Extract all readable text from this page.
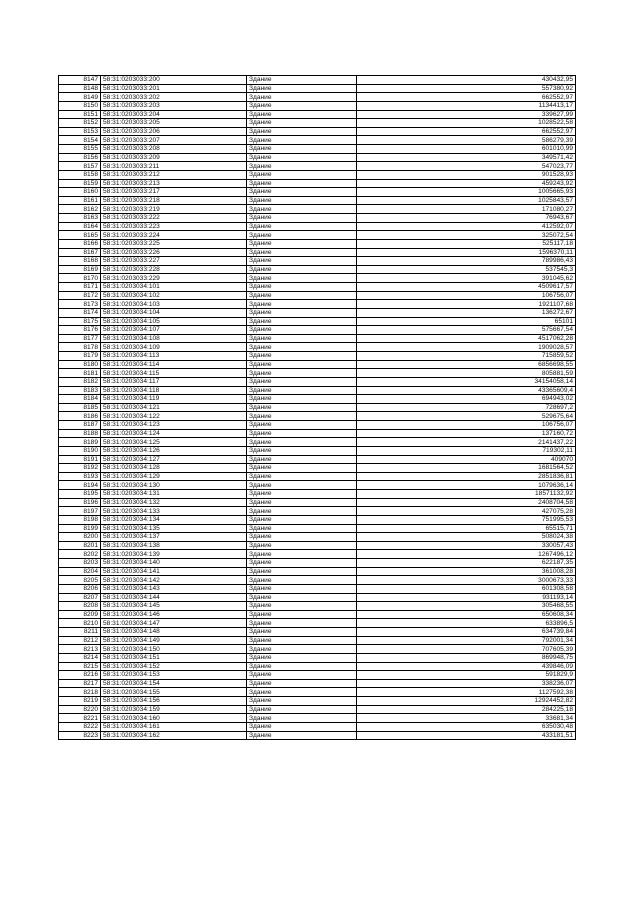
8147	58:31:0203033:200	Здание	430432,95
8148	58:31:0203033:201	Здание	557380,92
8149	58:31:0203033:202	Здание	662552,97
8150	58:31:0203033:203	Здание	1134413,17
8151	58:31:0203033:204	Здание	339627,99
8152	58:31:0203033:205	Здание	1028522,58
8153	58:31:0203033:206	Здание	662552,97
8154	58:31:0203033:207	Здание	586279,39
8155	58:31:0203033:208	Здание	601010,99
8156	58:31:0203033:209	Здание	349571,42
8157	58:31:0203033:211	Здание	547023,77
8158	58:31:0203033:212	Здание	901528,93
8159	58:31:0203033:213	Здание	459243,92
8160	58:31:0203033:217	Здание	1005665,93
8161	58:31:0203033:218	Здание	1025843,57
8162	58:31:0203033:219	Здание	171080,27
8163	58:31:0203033:222	Здание	76943,67
8164	58:31:0203033:223	Здание	412592,07
8165	58:31:0203033:224	Здание	325072,54
8166	58:31:0203033:225	Здание	525117,18
8167	58:31:0203033:226	Здание	1596370,11
8168	58:31:0203033:227	Здание	789986,43
8169	58:31:0203033:228	Здание	537545,3
8170	58:31:0203033:229	Здание	391045,62
8171	58:31:0203034:101	Здание	4509617,57
8172	58:31:0203034:102	Здание	106756,07
8173	58:31:0203034:103	Здание	1921107,68
8174	58:31:0203034:104	Здание	136272,67
8175	58:31:0203034:105	Здание	65101
8176	58:31:0203034:107	Здание	575667,54
8177	58:31:0203034:108	Здание	4517062,28
8178	58:31:0203034:109	Здание	1909028,57
8179	58:31:0203034:113	Здание	715859,52
8180	58:31:0203034:114	Здание	6856698,55
8181	58:31:0203034:115	Здание	805881,59
8182	58:31:0203034:117	Здание	34154058,14
8183	58:31:0203034:118	Здание	43365609,4
8184	58:31:0203034:119	Здание	694943,02
8185	58:31:0203034:121	Здание	728697,2
8186	58:31:0203034:122	Здание	529675,64
8187	58:31:0203034:123	Здание	106756,07
8188	58:31:0203034:124	Здание	137160,72
8189	58:31:0203034:125	Здание	2141437,22
8190	58:31:0203034:126	Здание	719302,11
8191	58:31:0203034:127	Здание	409070
8192	58:31:0203034:128	Здание	1681564,52
8193	58:31:0203034:129	Здание	2851836,81
8194	58:31:0203034:130	Здание	1079636,14
8195	58:31:0203034:131	Здание	18571132,92
8196	58:31:0203034:132	Здание	2408704,58
8197	58:31:0203034:133	Здание	427075,28
8198	58:31:0203034:134	Здание	751995,53
8199	58:31:0203034:135	Здание	65515,71
8200	58:31:0203034:137	Здание	508024,38
8201	58:31:0203034:138	Здание	330057,43
8202	58:31:0203034:139	Здание	1267496,12
8203	58:31:0203034:140	Здание	622187,35
8204	58:31:0203034:141	Здание	361008,28
8205	58:31:0203034:142	Здание	3000673,33
8206	58:31:0203034:143	Здание	601308,58
8207	58:31:0203034:144	Здание	931193,14
8208	58:31:0203034:145	Здание	305468,55
8209	58:31:0203034:146	Здание	650608,34
8210	58:31:0203034:147	Здание	633896,5
8211	58:31:0203034:148	Здание	634739,84
8212	58:31:0203034:149	Здание	792001,34
8213	58:31:0203034:150	Здание	707605,39
8214	58:31:0203034:151	Здание	869948,75
8215	58:31:0203034:152	Здание	439846,09
8216	58:31:0203034:153	Здание	591829,9
8217	58:31:0203034:154	Здание	338236,07
8218	58:31:0203034:155	Здание	1127592,38
8219	58:31:0203034:156	Здание	12924452,82
8220	58:31:0203034:159	Здание	284225,18
8221	58:31:0203034:160	Здание	33681,34
8222	58:31:0203034:161	Здание	635030,48
8223	58:31:0203034:162	Здание	433181,51
